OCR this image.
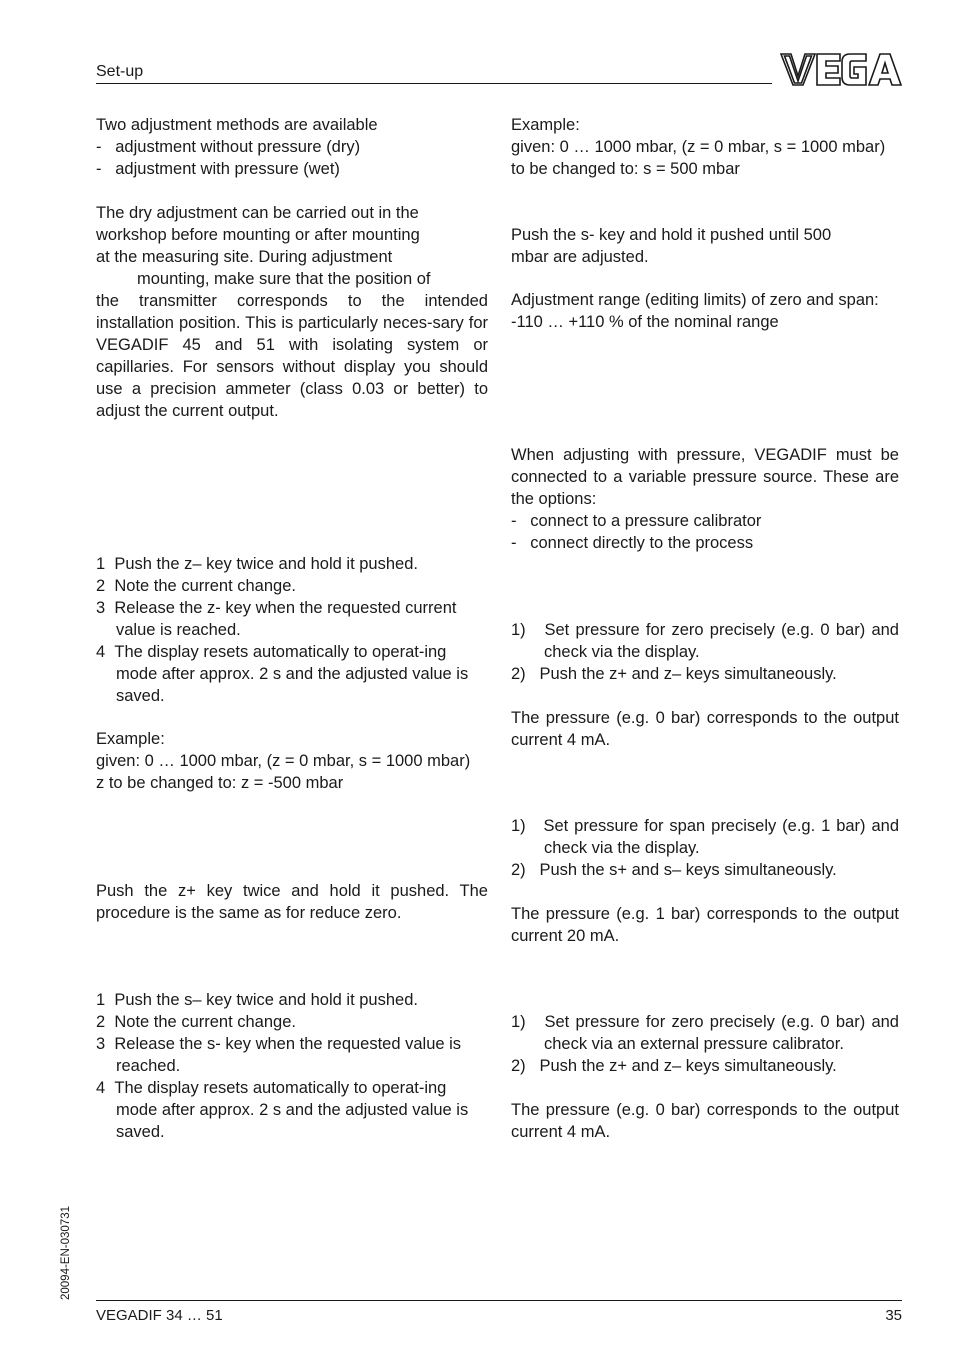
Set-up

Two adjustment methods are available

-   adjustment without pressure (dry)

-   adjustment with pressure (wet)

The dry adjustment can be carried out in the

workshop before mounting or after mounting

at the measuring site. During adjustment

mounting, make sure that the position of

the transmitter corresponds to the intended installation position. This is particularly neces-sary for VEGADIF 45 and 51 with isolating system or capillaries. For sensors without display you should use a precision ammeter (class 0.03 or better) to adjust the current output.

1  Push the z– key twice and hold it pushed.

2  Note the current change.

3  Release the z- key when the requested current value is reached.

4  The display resets automatically to operat-ing mode after approx. 2 s and the adjusted value is saved.

Example:

given: 0 … 1000 mbar, (z = 0 mbar, s = 1000 mbar)

z to be changed to: z = -500 mbar

Push the z+ key twice and hold it pushed. The procedure is the same as for reduce zero.

1  Push the s– key twice and hold it pushed.

2  Note the current change.

3  Release the s- key when the requested value is reached.

4  The display resets automatically to operat-ing mode after approx. 2 s and the adjusted value is saved.

Example:

given: 0 … 1000 mbar, (z = 0 mbar, s = 1000 mbar)

to be changed to: s = 500 mbar

Push the s- key and hold it pushed until 500 mbar are adjusted.

Adjustment range (editing limits) of zero and span:

-110 … +110 % of the nominal range

When adjusting with pressure, VEGADIF must be connected to a variable pressure source. These are the options:

-   connect to a pressure calibrator

-   connect directly to the process

1)   Set pressure for zero precisely (e.g. 0 bar) and check via the display.

2)   Push the z+ and z– keys simultaneously.

The pressure (e.g. 0 bar) corresponds to the output current 4 mA.

1)   Set pressure for span precisely (e.g. 1 bar) and check via the display.

2)   Push the s+ and s– keys simultaneously.

The pressure (e.g. 1 bar) corresponds to the output current 20 mA.

1)   Set pressure for zero precisely (e.g. 0 bar) and check via an external pressure calibrator.

2)   Push the z+ and z– keys simultaneously.

The pressure (e.g. 0 bar) corresponds to the output current 4 mA.

20094-EN-030731
VEGADIF 34 … 51	35
